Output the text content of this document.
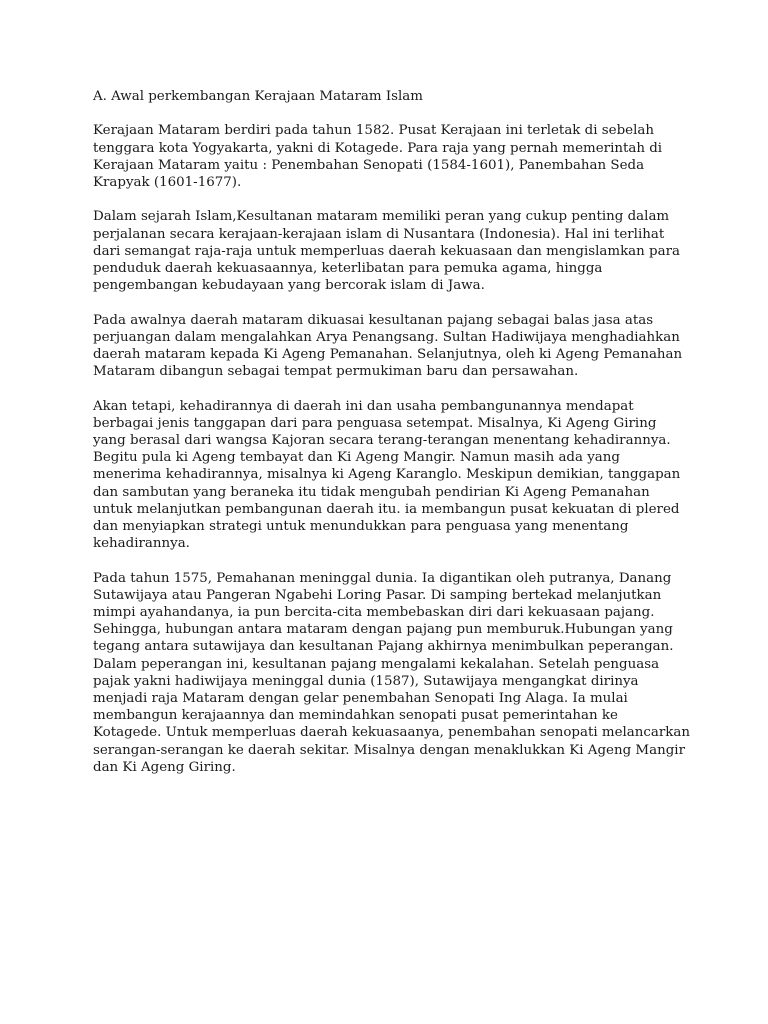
A. Awal perkembangan Kerajaan Mataram Islam
Kerajaan Mataram berdiri pada tahun 1582. Pusat Kerajaan ini terletak di sebelah
tenggara kota Yogyakarta, yakni di Kotagede. Para raja yang pernah memerintah di
Kerajaan Mataram yaitu : Penembahan Senopati (1584-1601), Panembahan Seda
Krapyak (1601-1677).
Dalam sejarah Islam,Kesultanan mataram memiliki peran yang cukup penting dalam
perjalanan secara kerajaan-kerajaan islam di Nusantara (Indonesia). Hal ini terlihat
dari semangat raja-raja untuk memperluas daerah kekuasaan dan mengislamkan para
penduduk daerah kekuasaannya, keterlibatan para pemuka agama, hingga
pengembangan kebudayaan yang bercorak islam di Jawa.
Pada awalnya daerah mataram dikuasai kesultanan pajang sebagai balas jasa atas
perjuangan dalam mengalahkan Arya Penangsang. Sultan Hadiwijaya menghadiahkan
daerah mataram kepada Ki Ageng Pemanahan. Selanjutnya, oleh ki Ageng Pemanahan
Mataram dibangun sebagai tempat permukiman baru dan persawahan.
Akan tetapi, kehadirannya di daerah ini dan usaha pembangunannya mendapat
berbagai jenis tanggapan dari para penguasa setempat. Misalnya, Ki Ageng Giring
yang berasal dari wangsa Kajoran secara terang-terangan menentang kehadirannya.
Begitu pula ki Ageng tembayat dan Ki Ageng Mangir. Namun masih ada yang
menerima kehadirannya, misalnya ki Ageng Karanglo. Meskipun demikian, tanggapan
dan sambutan yang beraneka itu tidak mengubah pendirian Ki Ageng Pemanahan
untuk melanjutkan pembangunan daerah itu. ia membangun pusat kekuatan di plered
dan menyiapkan strategi untuk menundukkan para penguasa yang menentang
kehadirannya.
Pada tahun 1575, Pemahanan meninggal dunia. Ia digantikan oleh putranya, Danang
Sutawijaya atau Pangeran Ngabehi Loring Pasar. Di samping bertekad melanjutkan
mimpi ayahandanya, ia pun bercita-cita membebaskan diri dari kekuasaan pajang.
Sehingga, hubungan antara mataram dengan pajang pun memburuk.Hubungan yang
tegang antara sutawijaya dan kesultanan Pajang akhirnya menimbulkan peperangan.
Dalam peperangan ini, kesultanan pajang mengalami kekalahan. Setelah penguasa
pajak yakni hadiwijaya meninggal dunia (1587), Sutawijaya mengangkat dirinya
menjadi raja Mataram dengan gelar penembahan Senopati Ing Alaga. Ia mulai
membangun kerajaannya dan memindahkan senopati pusat pemerintahan ke
Kotagede. Untuk memperluas daerah kekuasaanya, penembahan senopati melancarkan
serangan-serangan ke daerah sekitar. Misalnya dengan menaklukkan Ki Ageng Mangir
dan Ki Ageng Giring.
